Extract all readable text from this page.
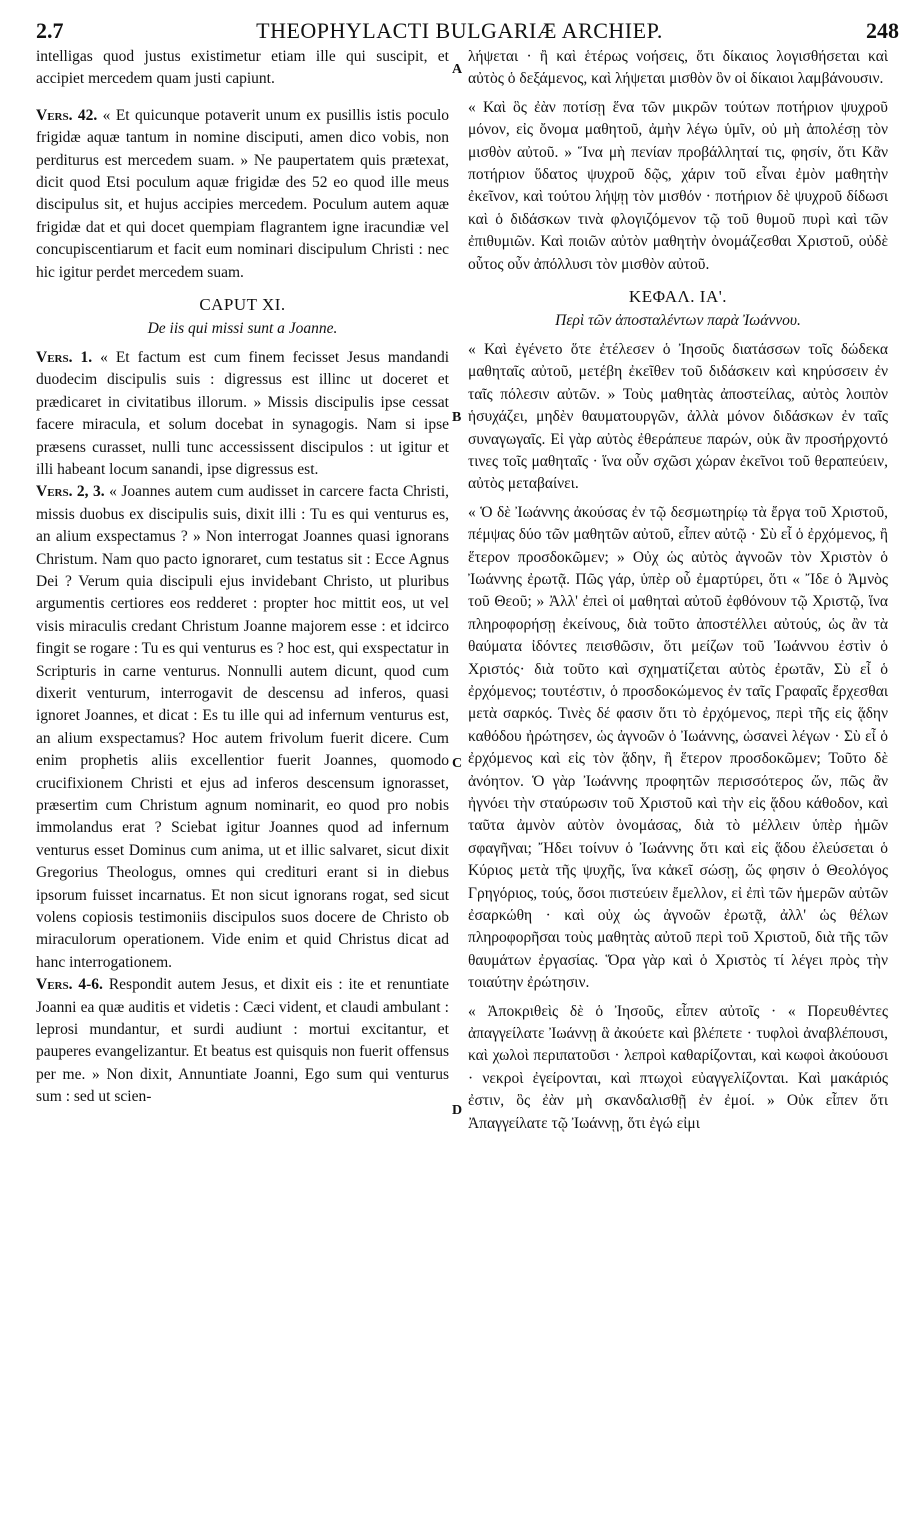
2.7	THEOPHYLACTI BULGARIÆ ARCHIEP.	248
A
B
C
D

intelligas quod justus existimetur etiam ille qui suscipit, et accipiet mercedem quam justi capiunt.

Vers. 42. « Et quicunque potaverit unum ex pusillis istis poculo frigidæ aquæ tantum in nomine disciputi, amen dico vobis, non perditurus est mercedem suam. » Ne paupertatem quis prætexat, dicit quod Etsi poculum aquæ frigidæ des 52 eo quod ille meus discipulus sit, et hujus accipies mercedem. Poculum autem aquæ frigidæ dat et qui docet quempiam flagrantem igne iracundiæ vel concupiscentiarum et facit eum nominari discipulum Christi : nec hic igitur perdet mercedem suam.

CAPUT XI.
De iis qui missi sunt a Joanne.

Vers. 1. « Et factum est cum finem fecisset Jesus mandandi duodecim discipulis suis : digressus est illinc ut doceret et prædicaret in civitatibus illorum. » Missis discipulis ipse cessat facere miracula, et solum docebat in synagogis. Nam si ipse præsens curasset, nulli tunc accessissent discipulos : ut igitur et illi habeant locum sanandi, ipse digressus est.

Vers. 2, 3. « Joannes autem cum audisset in carcere facta Christi, missis duobus ex discipulis suis, dixit illi : Tu es qui venturus es, an alium exspectamus ? » Non interrogat Joannes quasi ignorans Christum. Nam quo pacto ignoraret, cum testatus sit : Ecce Agnus Dei ? Verum quia discipuli ejus invidebant Christo, ut pluribus argumentis certiores eos redderet : propter hoc mittit eos, ut vel visis miraculis credant Christum Joanne majorem esse : et idcirco fingit se rogare : Tu es qui venturus es ? hoc est, qui exspectatur in Scripturis in carne venturus. Nonnulli autem dicunt, quod cum dixerit venturum, interrogavit de descensu ad inferos, quasi ignoret Joannes, et dicat : Es tu ille qui ad infernum venturus est, an alium exspectamus? Hoc autem frivolum fuerit dicere. Cum enim prophetis aliis excellentior fuerit Joannes, quomodo crucifixionem Christi et ejus ad inferos descensum ignorasset, præsertim cum Christum agnum nominarit, eo quod pro nobis immolandus erat ? Sciebat igitur Joannes quod ad infernum venturus esset Dominus cum anima, ut et illic salvaret, sicut dixit Gregorius Theologus, omnes qui credituri erant si in diebus ipsorum fuisset incarnatus. Et non sicut ignorans rogat, sed sicut volens copiosis testimoniis discipulos suos docere de Christo ob miraculorum operationem. Vide enim et quid Christus dicat ad hanc interrogationem.

Vers. 4-6. Respondit autem Jesus, et dixit eis : ite et renuntiate Joanni ea quæ auditis et videtis : Cæci vident, et claudi ambulant : leprosi mundantur, et surdi audiunt : mortui excitantur, et pauperes evangelizantur. Et beatus est quisquis non fuerit offensus per me. » Non dixit, Annuntiate Joanni, Ego sum qui venturus sum : sed ut scien-

λήψεται · ἢ καὶ ἑτέρως νοήσεις, ὅτι δίκαιος λογισθήσεται καὶ αὐτὸς ὁ δεξάμενος, καὶ λήψεται μισθὸν ὃν οἱ δίκαιοι λαμβάνουσιν.

« Καὶ ὃς ἐὰν ποτίσῃ ἕνα τῶν μικρῶν τούτων ποτήριον ψυχροῦ μόνον, εἰς ὄνομα μαθητοῦ, ἀμὴν λέγω ὑμῖν, οὐ μὴ ἀπολέσῃ τὸν μισθὸν αὐτοῦ. » Ἵνα μὴ πενίαν προβάλληταί τις, φησίν, ὅτι Κἂν ποτήριον ὕδατος ψυχροῦ δῷς, χάριν τοῦ εἶναι ἐμὸν μαθητὴν ἐκεῖνον, καὶ τούτου λήψῃ τὸν μισθόν · ποτήριον δὲ ψυχροῦ δίδωσι καὶ ὁ διδάσκων τινὰ φλογιζόμενον τῷ τοῦ θυμοῦ πυρὶ καὶ τῶν ἐπιθυμιῶν. Καὶ ποιῶν αὐτὸν μαθητὴν ὀνομάζεσθαι Χριστοῦ, οὐδὲ οὗτος οὖν ἀπόλλυσι τὸν μισθὸν αὐτοῦ.

ΚΕΦΑΛ. ΙΑ'.
Περὶ τῶν ἀποσταλέντων παρὰ Ἰωάννου.

« Καὶ ἐγένετο ὅτε ἐτέλεσεν ὁ Ἰησοῦς διατάσσων τοῖς δώδεκα μαθηταῖς αὐτοῦ, μετέβη ἐκεῖθεν τοῦ διδάσκειν καὶ κηρύσσειν ἐν ταῖς πόλεσιν αὐτῶν. » Τοὺς μαθητὰς ἀποστείλας, αὐτὸς λοιπὸν ἡσυχάζει, μηδὲν θαυματουργῶν, ἀλλὰ μόνον διδάσκων ἐν ταῖς συναγωγαῖς. Εἰ γὰρ αὐτὸς ἐθεράπευε παρών, οὐκ ἂν προσήρχοντό τινες τοῖς μαθηταῖς · ἵνα οὖν σχῶσι χώραν ἐκεῖνοι τοῦ θεραπεύειν, αὐτὸς μεταβαίνει.

« Ὁ δὲ Ἰωάννης ἀκούσας ἐν τῷ δεσμωτηρίῳ τὰ ἔργα τοῦ Χριστοῦ, πέμψας δύο τῶν μαθητῶν αὐτοῦ, εἶπεν αὐτῷ · Σὺ εἶ ὁ ἐρχόμενος, ἢ ἕτερον προσδοκῶμεν; » Οὐχ ὡς αὐτὸς ἀγνοῶν τὸν Χριστὸν ὁ Ἰωάννης ἐρωτᾷ. Πῶς γάρ, ὑπὲρ οὗ ἐμαρτύρει, ὅτι « Ἴδε ὁ Ἀμνὸς τοῦ Θεοῦ; » Ἀλλ' ἐπεὶ οἱ μαθηταὶ αὐτοῦ ἐφθόνουν τῷ Χριστῷ, ἵνα πληροφορήσῃ ἐκείνους, διὰ τοῦτο ἀποστέλλει αὐτούς, ὡς ἂν τὰ θαύματα ἰδόντες πεισθῶσιν, ὅτι μείζων τοῦ Ἰωάννου ἐστὶν ὁ Χριστός· διὰ τοῦτο καὶ σχηματίζεται αὐτὸς ἐρωτᾶν, Σὺ εἶ ὁ ἐρχόμενος; τουτέστιν, ὁ προσδοκώμενος ἐν ταῖς Γραφαῖς ἔρχεσθαι μετὰ σαρκός. Τινὲς δέ φασιν ὅτι τὸ ἐρχόμενος, περὶ τῆς εἰς ᾅδην καθόδου ἠρώτησεν, ὡς ἀγνοῶν ὁ Ἰωάννης, ὡσανεὶ λέγων · Σὺ εἶ ὁ ἐρχόμενος καὶ εἰς τὸν ᾅδην, ἢ ἕτερον προσδοκῶμεν; Τοῦτο δὲ ἀνόητον. Ὁ γὰρ Ἰωάννης προφητῶν περισσότερος ὤν, πῶς ἂν ἠγνόει τὴν σταύρωσιν τοῦ Χριστοῦ καὶ τὴν εἰς ᾅδου κάθοδον, καὶ ταῦτα ἀμνὸν αὐτὸν ὀνομάσας, διὰ τὸ μέλλειν ὑπὲρ ἡμῶν σφαγῆναι; Ἤδει τοίνυν ὁ Ἰωάννης ὅτι καὶ εἰς ᾅδου ἐλεύσεται ὁ Κύριος μετὰ τῆς ψυχῆς, ἵνα κἀκεῖ σώσῃ, ὥς φησιν ὁ Θεολόγος Γρηγόριος, τούς, ὅσοι πιστεύειν ἔμελλον, εἰ ἐπὶ τῶν ἡμερῶν αὐτῶν ἐσαρκώθη · καὶ οὐχ ὡς ἀγνοῶν ἐρωτᾷ, ἀλλ' ὡς θέλων πληροφορῆσαι τοὺς μαθητὰς αὐτοῦ περὶ τοῦ Χριστοῦ, διὰ τῆς τῶν θαυμάτων ἐργασίας. Ὅρα γὰρ καὶ ὁ Χριστὸς τί λέγει πρὸς τὴν τοιαύτην ἐρώτησιν.

« Ἀποκριθεὶς δὲ ὁ Ἰησοῦς, εἶπεν αὐτοῖς · « Πορευθέντες ἀπαγγείλατε Ἰωάννῃ ἃ ἀκούετε καὶ βλέπετε · τυφλοὶ ἀναβλέπουσι, καὶ χωλοὶ περιπατοῦσι · λεπροὶ καθαρίζονται, καὶ κωφοὶ ἀκούουσι · νεκροὶ ἐγείρονται, καὶ πτωχοὶ εὐαγγελίζονται. Καὶ μακάριός ἐστιν, ὃς ἐὰν μὴ σκανδαλισθῇ ἐν ἐμοί. » Οὐκ εἶπεν ὅτι Ἀπαγγείλατε τῷ Ἰωάννῃ, ὅτι ἐγώ εἰμι
